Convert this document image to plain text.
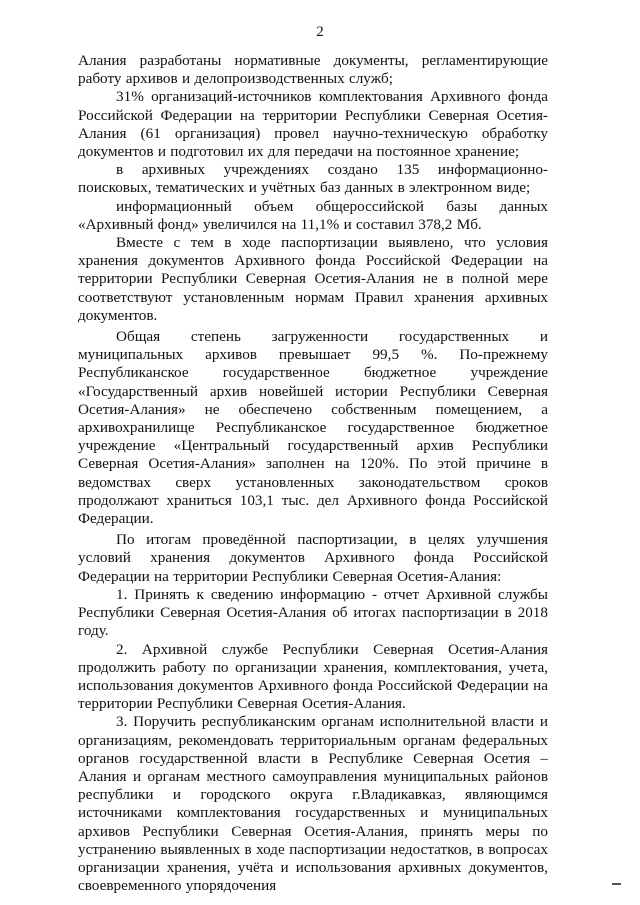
2

Алания разработаны нормативные документы, регламентирующие работу архивов и делопроизводственных служб;

31% организаций-источников комплектования Архивного фонда Российской Федерации на территории Республики Северная Осетия-Алания (61 организация) провел научно-техническую обработку документов и подготовил их для передачи на постоянное хранение;

в архивных учреждениях создано 135 информационно-поисковых, тематических и учётных баз данных в электронном виде;

информационный объем общероссийской базы данных «Архивный фонд» увеличился на 11,1% и составил 378,2 Мб.

Вместе с тем в ходе паспортизации выявлено, что условия хранения документов Архивного фонда Российской Федерации на территории Республики Северная Осетия-Алания не в полной мере соответствуют установленным нормам Правил хранения архивных документов.

Общая степень загруженности государственных и муниципальных архивов превышает 99,5 %. По-прежнему Республиканское государственное бюджетное учреждение «Государственный архив новейшей истории Республики Северная Осетия-Алания» не обеспечено собственным помещением, а архивохранилище Республиканское государственное бюджетное учреждение «Центральный государственный архив Республики Северная Осетия-Алания» заполнен на 120%. По этой причине в ведомствах сверх установленных законодательством сроков продолжают храниться 103,1 тыс. дел Архивного фонда Российской Федерации.

По итогам проведённой паспортизации, в целях улучшения условий хранения документов Архивного фонда Российской Федерации на территории Республики Северная Осетия-Алания:

1. Принять к сведению информацию - отчет Архивной службы Республики Северная Осетия-Алания об итогах паспортизации в 2018 году.

2. Архивной службе Республики Северная Осетия-Алания продолжить работу по организации хранения, комплектования, учета, использования документов Архивного фонда Российской Федерации на территории Республики Северная Осетия-Алания.

3. Поручить республиканским органам исполнительной власти и организациям, рекомендовать территориальным органам федеральных органов государственной власти в Республике Северная Осетия – Алания и органам местного самоуправления муниципальных районов республики и городского округа г.Владикавказ, являющимся источниками комплектования государственных и муниципальных архивов Республики Северная Осетия-Алания, принять меры по устранению выявленных в ходе паспортизации недостатков, в вопросах организации хранения, учёта и использования архивных документов, своевременного упорядочения
